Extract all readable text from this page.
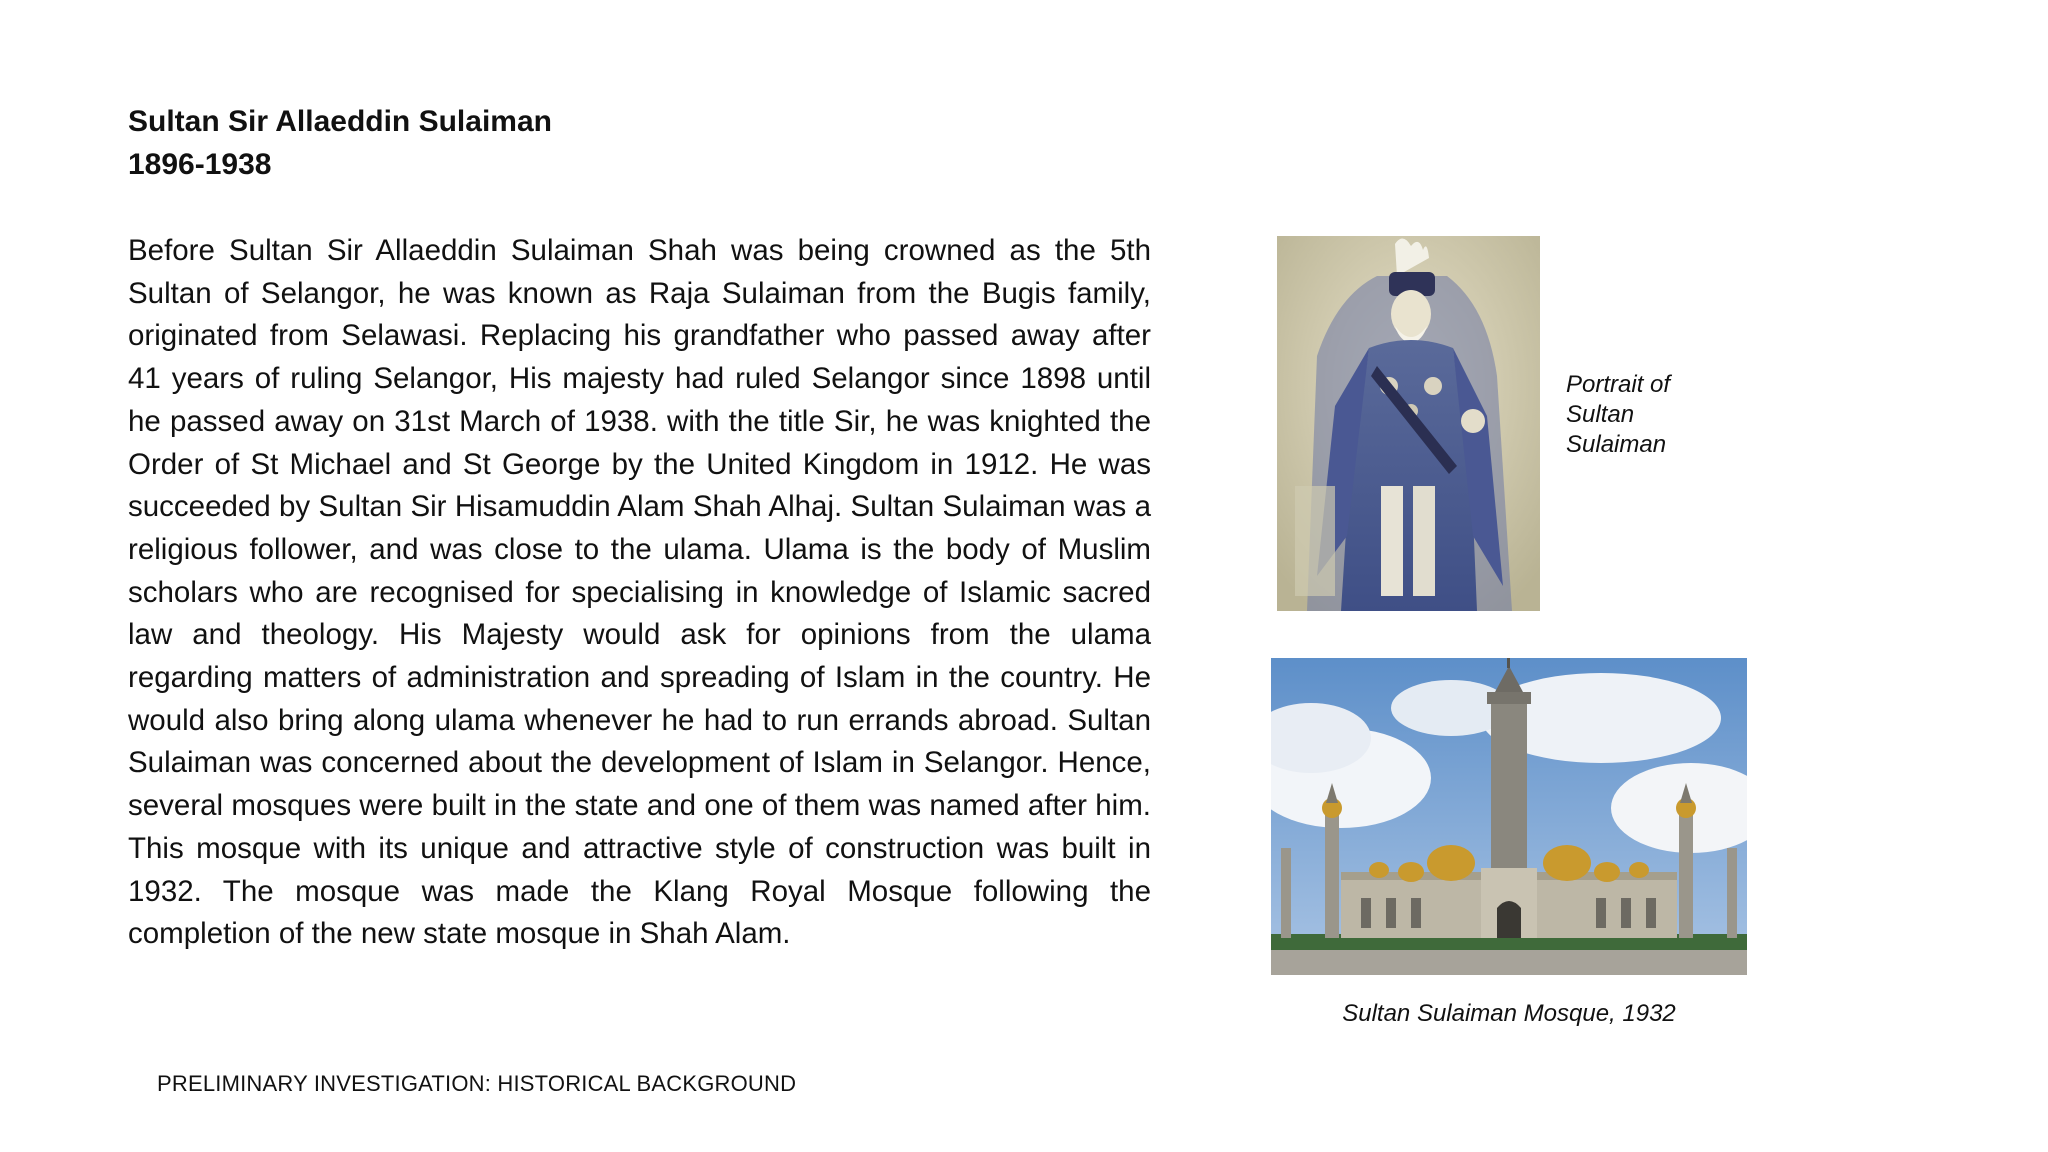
Sultan Sir Allaeddin Sulaiman
1896-1938

Before Sultan Sir Allaeddin Sulaiman Shah was being crowned as the 5th Sultan of Selangor, he was known as Raja Sulaiman from the Bugis family, originated from Selawasi. Replacing his grandfather who passed away after 41 years of ruling Selangor, His majesty had ruled Selangor since 1898 until he passed away on 31st March of 1938. with the title Sir, he was knighted the Order of St Michael and St George by the United Kingdom in 1912. He was succeeded by Sultan Sir Hisamuddin Alam Shah Alhaj. Sultan Sulaiman was a religious follower, and was close to the ulama. Ulama is the body of Muslim scholars who are recognised for specialising in knowledge of Islamic sacred law and theology. His Majesty would ask for opinions from the ulama regarding matters of administration and spreading of Islam in the country. He would also bring along ulama whenever he had to run errands abroad. Sultan Sulaiman was concerned about the development of Islam in Selangor. Hence, several mosques were built in the state and one of them was named after him. This mosque with its unique and attractive style of construction was built in 1932. The mosque was made the Klang Royal Mosque following the completion of the new state mosque in Shah Alam.

Portrait of Sultan Sulaiman
Sultan Sulaiman Mosque, 1932
PRELIMINARY INVESTIGATION: HISTORICAL BACKGROUND
